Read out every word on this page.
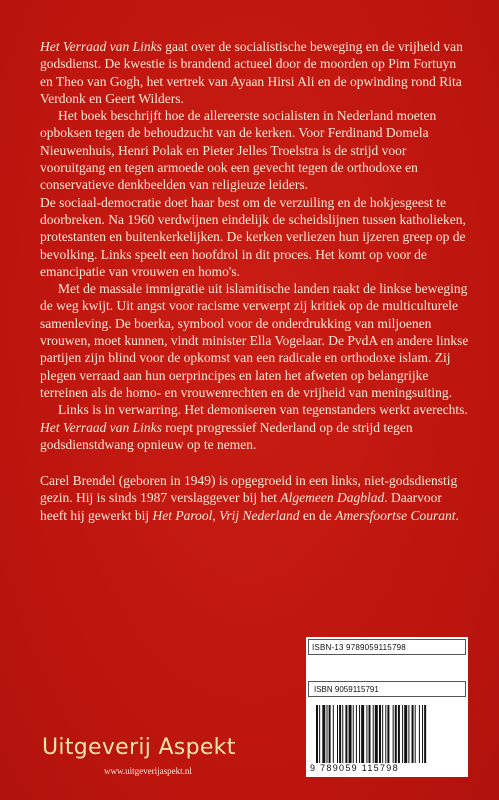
Het Verraad van Links gaat over de socialistische beweging en de vrijheid van godsdienst. De kwestie is brandend actueel door de moorden op Pim Fortuyn en Theo van Gogh, het vertrek van Ayaan Hirsi Ali en de opwinding rond Rita Verdonk en Geert Wilders.

Het boek beschrijft hoe de allereerste socialisten in Nederland moeten opboksen tegen de behoudzucht van de kerken. Voor Ferdinand Domela Nieuwenhuis, Henri Polak en Pieter Jelles Troelstra is de strijd voor vooruitgang en tegen armoede ook een gevecht tegen de orthodoxe en conservatieve denkbeelden van religieuze leiders.

De sociaal-democratie doet haar best om de verzuiling en de hokjesgeest te doorbreken. Na 1960 verdwijnen eindelijk de scheidslijnen tussen katholieken, protestanten en buitenkerkelijken. De kerken verliezen hun ijzeren greep op de bevolking. Links speelt een hoofdrol in dit proces. Het komt op voor de emancipatie van vrouwen en homo's.

Met de massale immigratie uit islamitische landen raakt de linkse beweging de weg kwijt. Uit angst voor racisme verwerpt zij kritiek op de multiculturele samenleving. De boerka, symbool voor de onderdrukking van miljoenen vrouwen, moet kunnen, vindt minister Ella Vogelaar. De PvdA en andere linkse partijen zijn blind voor de opkomst van een radicale en orthodoxe islam. Zij plegen verraad aan hun oerprincipes en laten het afweten op belangrijke terreinen als de homo- en vrouwenrechten en de vrijheid van meningsuiting.

Links is in verwarring. Het demoniseren van tegenstanders werkt averechts. Het Verraad van Links roept progressief Nederland op de strijd tegen godsdienstdwang opnieuw op te nemen.

Carel Brendel (geboren in 1949) is opgegroeid in een links, niet-godsdienstig gezin. Hij is sinds 1987 verslaggever bij het Algemeen Dagblad. Daarvoor heeft hij gewerkt bij Het Parool, Vrij Nederland en de Amersfoortse Courant.

ISBN-13 9789059115798
ISBN 9059115791
9 789059 115798
Uitgeverij Aspekt
www.uitgeverijaspekt.nl
